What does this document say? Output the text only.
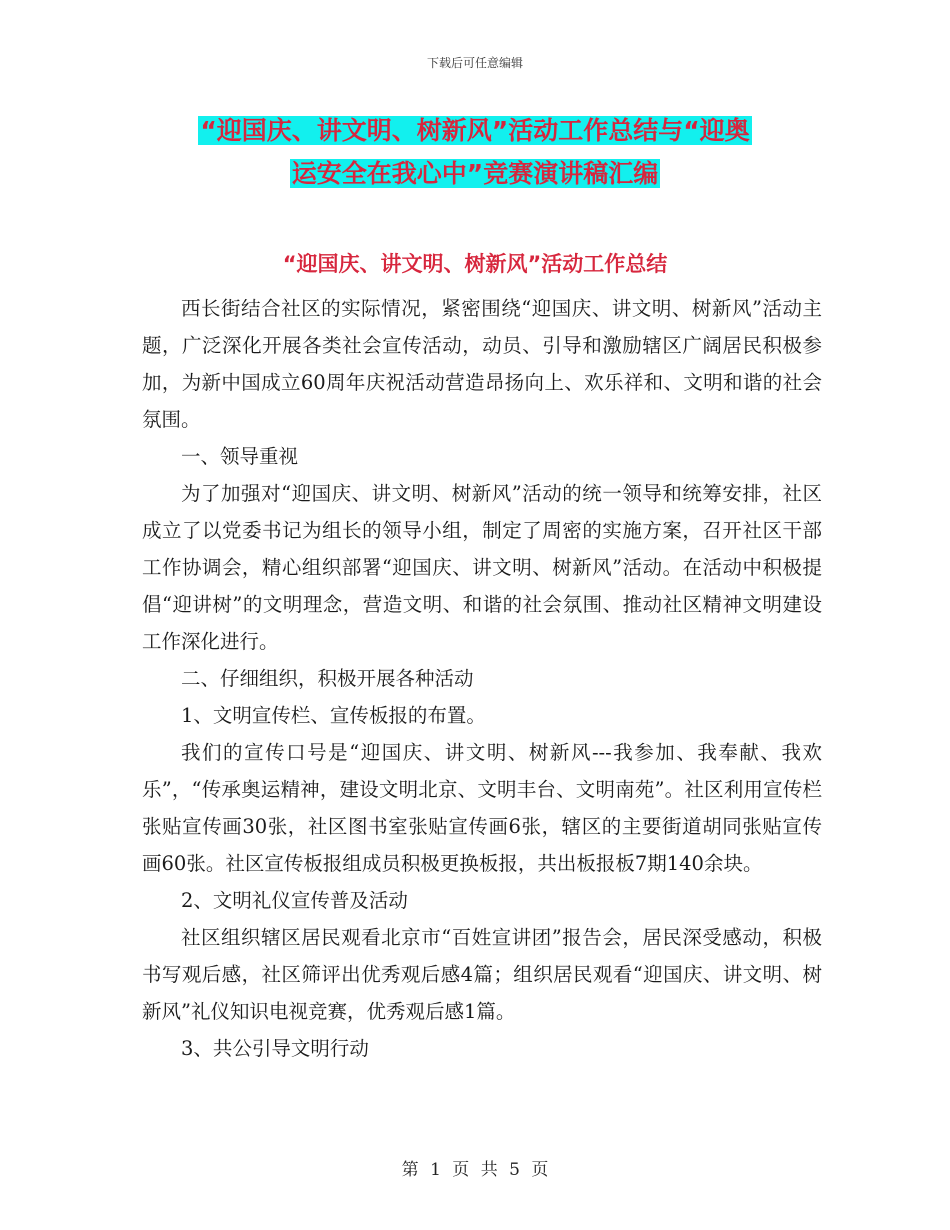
下载后可任意编辑
“迎国庆、讲文明、树新风”活动工作总结与“迎奥
运安全在我心中”竞赛演讲稿汇编
“迎国庆、讲文明、树新风”活动工作总结

西长街结合社区的实际情况，紧密围绕“迎国庆、讲文明、树新风”活动主题，广泛深化开展各类社会宣传活动，动员、引导和激励辖区广阔居民积极参加，为新中国成立60周年庆祝活动营造昂扬向上、欢乐祥和、文明和谐的社会氛围。

一、领导重视

为了加强对“迎国庆、讲文明、树新风”活动的统一领导和统筹安排，社区成立了以党委书记为组长的领导小组，制定了周密的实施方案，召开社区干部工作协调会，精心组织部署“迎国庆、讲文明、树新风”活动。在活动中积极提倡“迎讲树”的文明理念，营造文明、和谐的社会氛围、推动社区精神文明建设工作深化进行。

二、仔细组织，积极开展各种活动

1、文明宣传栏、宣传板报的布置。

我们的宣传口号是“迎国庆、讲文明、树新风---我参加、我奉献、我欢乐”，“传承奥运精神，建设文明北京、文明丰台、文明南苑”。社区利用宣传栏张贴宣传画30张，社区图书室张贴宣传画6张，辖区的主要街道胡同张贴宣传画60张。社区宣传板报组成员积极更换板报，共出板报板7期140余块。

2、文明礼仪宣传普及活动

社区组织辖区居民观看北京市“百姓宣讲团”报告会，居民深受感动，积极书写观后感，社区筛评出优秀观后感4篇；组织居民观看“迎国庆、讲文明、树新风”礼仪知识电视竞赛，优秀观后感1篇。

3、共公引导文明行动

第 1 页 共 5 页
